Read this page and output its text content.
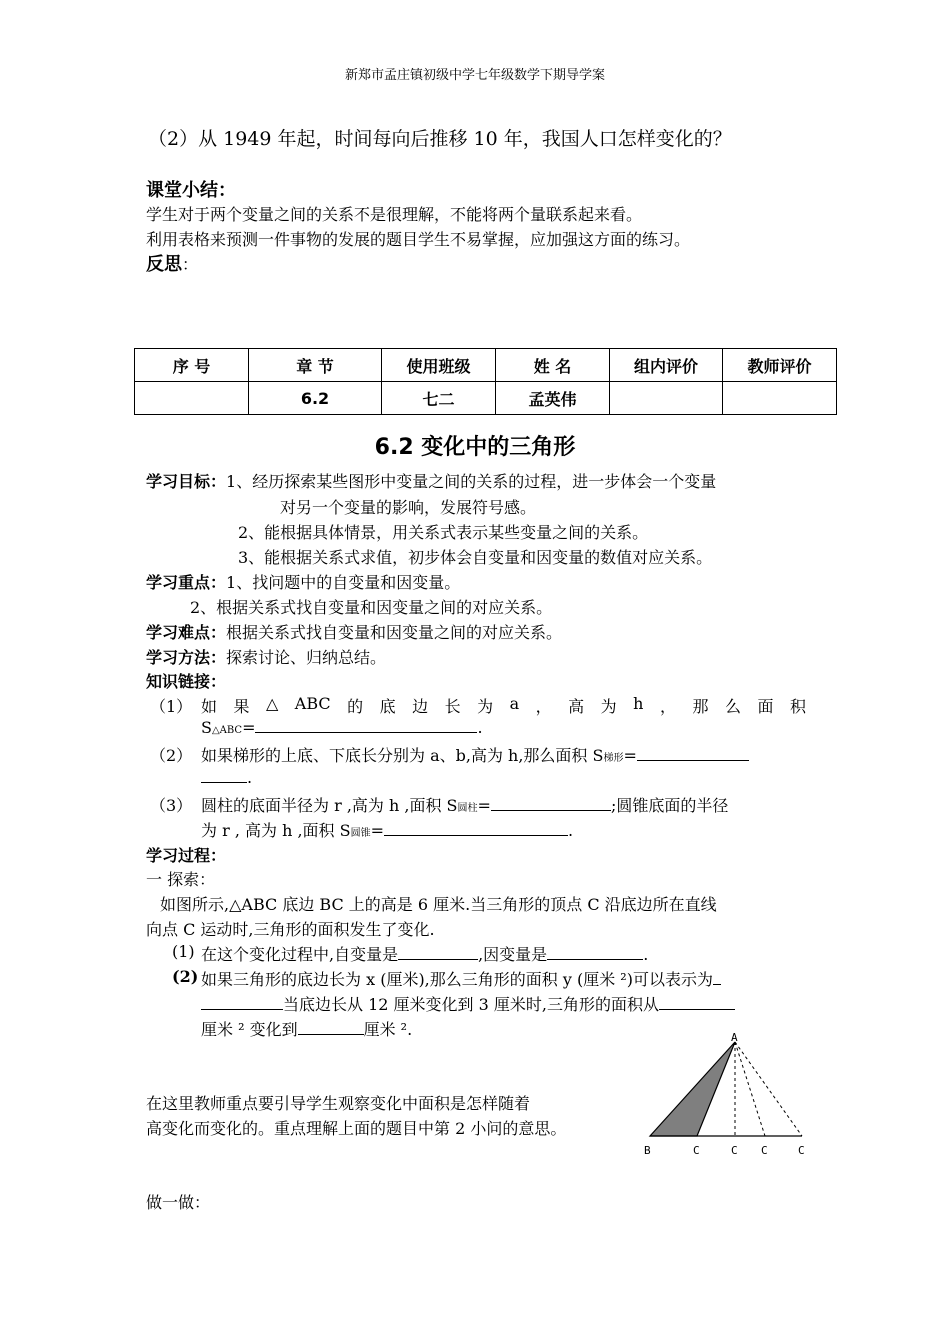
新郑市孟庄镇初级中学七年级数学下期导学案
（2）从 1949 年起，时间每向后推移 10 年，我国人口怎样变化的？
课堂小结：
学生对于两个变量之间的关系不是很理解，不能将两个量联系起来看。
利用表格来预测一件事物的发展的题目学生不易掌握，应加强这方面的练习。
反思：
序 号	章 节	使用班级	姓 名	组内评价	教师评价
	6.2	七二	孟英伟		
6.2 变化中的三角形
学习目标：1、经历探索某些图形中变量之间的关系的过程，进一步体会一个变量
对另一个变量的影响，发展符号感。
2、能根据具体情景，用关系式表示某些变量之间的关系。
3、能根据关系式求值，初步体会自变量和因变量的数值对应关系。
学习重点：1、找问题中的自变量和因变量。
2、根据关系式找自变量和因变量之间的对应关系。
学习难点：根据关系式找自变量和因变量之间的对应关系。
学习方法：探索讨论、归纳总结。
知识链接：
（1） 如 果 △ ABC 的 底 边 长 为 a ， 高 为 h ， 那 么 面 积
S△ABC=	.
（2） 如果梯形的上底、下底长分别为 a、b,高为 h,那么面积 S梯形=
.
（3） 圆柱的底面半径为 r ,高为 h ,面积 S圆柱=	;圆锥底面的半径
为 r , 高为 h ,面积 S圆锥=	.
学习过程：
一 探索：
如图所示,△ABC 底边 BC 上的高是 6 厘米.当三角形的顶点 C 沿底边所在直线
向点 C 运动时,三角形的面积发生了变化.
(1) 在这个变化过程中,自变量是	,因变量是	.
(2) 如果三角形的底边长为 x (厘米),那么三角形的面积 y (厘米 ²)可以表示为
当底边长从 12 厘米变化到 3 厘米时,三角形的面积从
厘米 ² 变化到	厘米 ².
在这里教师重点要引导学生观察变化中面积是怎样随着
高变化而变化的。重点理解上面的题目中第 2 小问的意思。
A
B	C	C C	C
做一做：
